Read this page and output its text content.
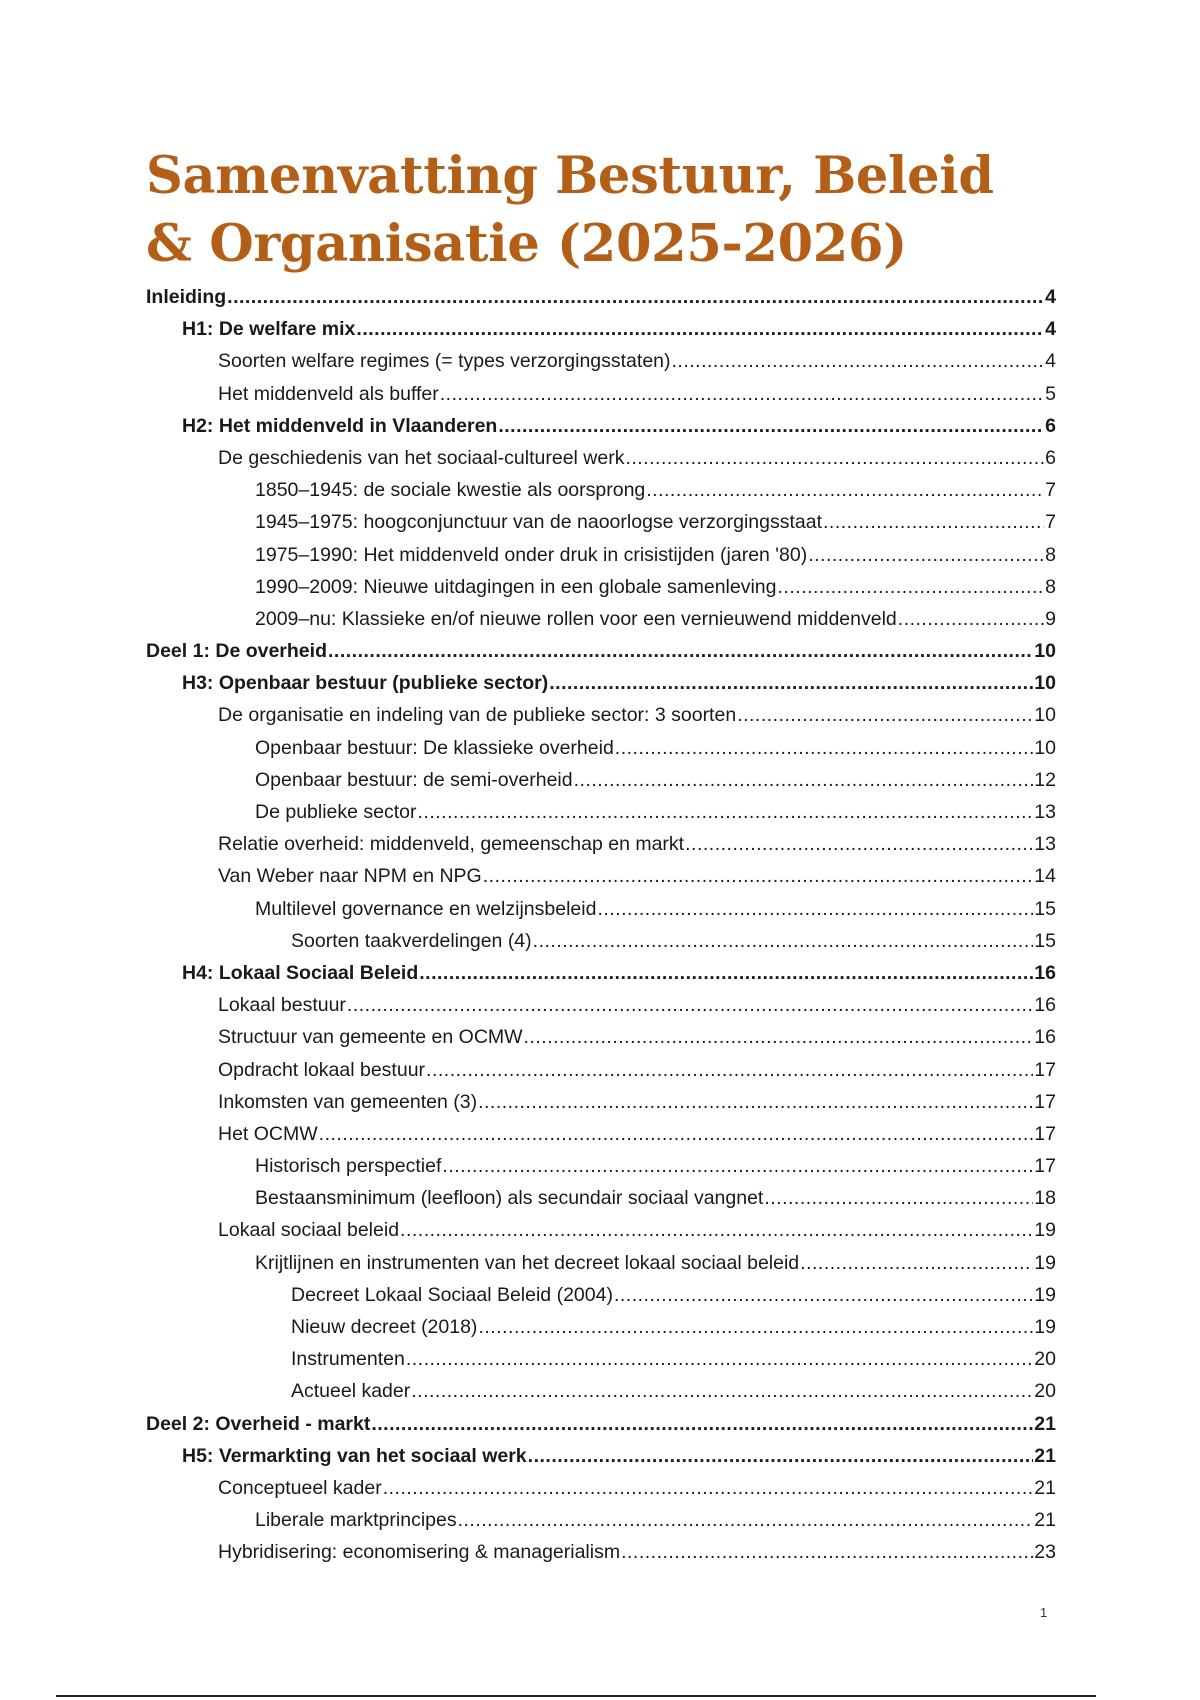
Samenvatting Bestuur, Beleid & Organisatie (2025-2026)
Inleiding .....	4
H1: De welfare mix .....	4
Soorten welfare regimes (= types verzorgingsstaten) .....	4
Het middenveld als buffer .....	5
H2: Het middenveld in Vlaanderen .....	6
De geschiedenis van het sociaal-cultureel werk .....	6
1850–1945: de sociale kwestie als oorsprong .....	7
1945–1975: hoogconjunctuur van de naoorlogse verzorgingsstaat .....	7
1975–1990: Het middenveld onder druk in crisistijden (jaren '80) .....	8
1990–2009: Nieuwe uitdagingen in een globale samenleving .....	8
2009–nu: Klassieke en/of nieuwe rollen voor een vernieuwend middenveld .....	9
Deel 1: De overheid .....	10
H3: Openbaar bestuur (publieke sector) .....	10
De organisatie en indeling van de publieke sector: 3 soorten .....	10
Openbaar bestuur: De klassieke overheid .....	10
Openbaar bestuur: de semi-overheid .....	12
De publieke sector .....	13
Relatie overheid: middenveld, gemeenschap en markt .....	13
Van Weber naar NPM en NPG .....	14
Multilevel governance en welzijnsbeleid .....	15
Soorten taakverdelingen (4) .....	15
H4: Lokaal Sociaal Beleid .....	16
Lokaal bestuur .....	16
Structuur van gemeente en OCMW .....	16
Opdracht lokaal bestuur .....	17
Inkomsten van gemeenten (3) .....	17
Het OCMW .....	17
Historisch perspectief .....	17
Bestaansminimum (leefloon) als secundair sociaal vangnet .....	18
Lokaal sociaal beleid .....	19
Krijtlijnen en instrumenten van het decreet lokaal sociaal beleid .....	19
Decreet Lokaal Sociaal Beleid (2004) .....	19
Nieuw decreet (2018) .....	19
Instrumenten .....	20
Actueel kader .....	20
Deel 2: Overheid - markt .....	21
H5: Vermarkting van het sociaal werk .....	21
Conceptueel kader .....	21
Liberale marktprincipes .....	21
Hybridisering: economisering & managerialism .....	23
1
